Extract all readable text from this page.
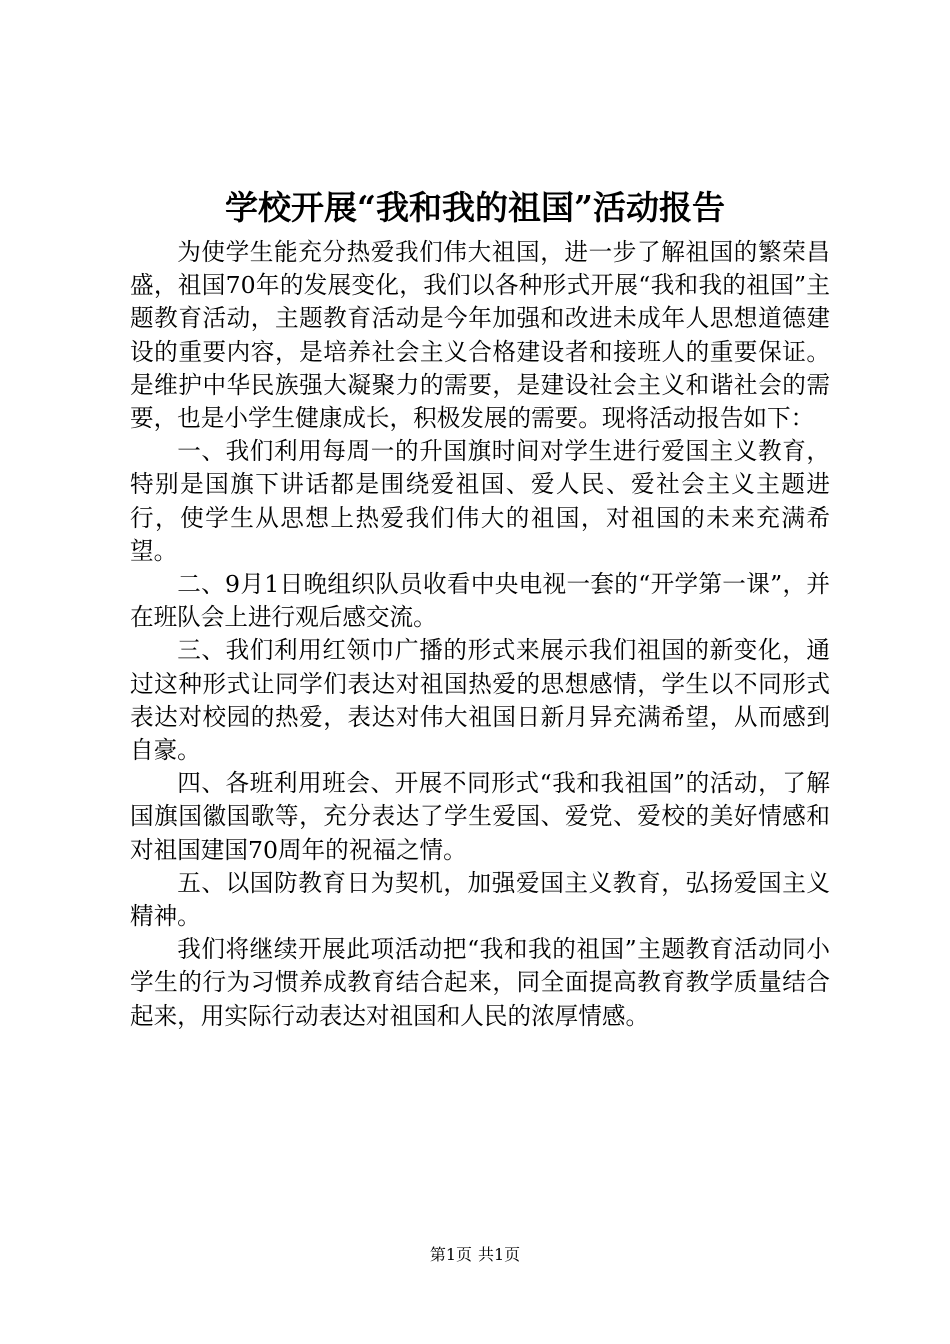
学校开展“我和我的祖国”活动报告

为使学生能充分热爱我们伟大祖国，进一步了解祖国的繁荣昌盛，祖国70年的发展变化，我们以各种形式开展“我和我的祖国”主题教育活动，主题教育活动是今年加强和改进未成年人思想道德建设的重要内容，是培养社会主义合格建设者和接班人的重要保证。是维护中华民族强大凝聚力的需要，是建设社会主义和谐社会的需要，也是小学生健康成长，积极发展的需要。现将活动报告如下：

一、我们利用每周一的升国旗时间对学生进行爱国主义教育，特别是国旗下讲话都是围绕爱祖国、爱人民、爱社会主义主题进行，使学生从思想上热爱我们伟大的祖国，对祖国的未来充满希望。

二、9月1日晚组织队员收看中央电视一套的“开学第一课”，并在班队会上进行观后感交流。

三、我们利用红领巾广播的形式来展示我们祖国的新变化，通过这种形式让同学们表达对祖国热爱的思想感情，学生以不同形式表达对校园的热爱，表达对伟大祖国日新月异充满希望，从而感到自豪。

四、各班利用班会、开展不同形式“我和我祖国”的活动，了解国旗国徽国歌等，充分表达了学生爱国、爱党、爱校的美好情感和对祖国建国70周年的祝福之情。

五、以国防教育日为契机，加强爱国主义教育，弘扬爱国主义精神。

我们将继续开展此项活动把“我和我的祖国”主题教育活动同小学生的行为习惯养成教育结合起来，同全面提高教育教学质量结合起来，用实际行动表达对祖国和人民的浓厚情感。

第1页 共1页
